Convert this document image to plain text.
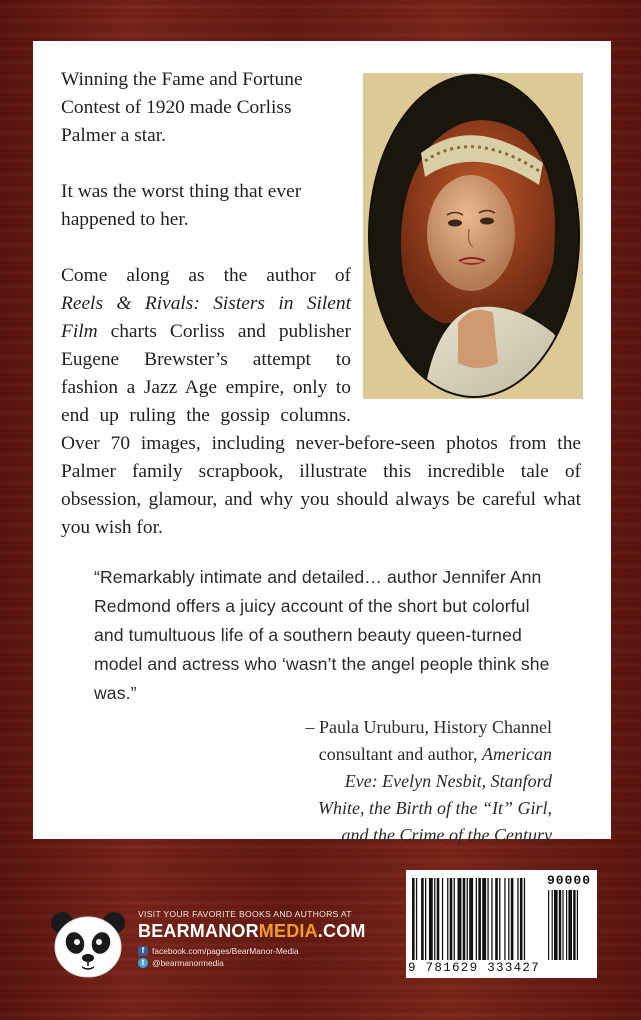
Winning the Fame and Fortune Contest of 1920 made Corliss Palmer a star.

It was the worst thing that ever happened to her.

Come along as the author of
Reels & Rivals: Sisters in Silent
Film charts Corliss and publisher
Eugene Brewster’s attempt to
fashion a Jazz Age empire, only to
end up ruling the gossip columns.

Over 70 images, including never-before-seen photos from the Palmer family scrapbook, illustrate this incredible tale of obsession, glamour, and why you should always be careful what you wish for.

“Remarkably intimate and detailed… author Jennifer Ann Redmond offers a juicy account of the short but colorful and tumultuous life of a southern beauty queen-turned model and actress who ‘wasn’t the angel people think she was.”
– Paula Uruburu, History Channel consultant and author, American Eve: Evelyn Nesbit, Stanford White, the Birth of the “It” Girl, and the Crime of the Century
VISIT YOUR FAVORITE BOOKS AND AUTHORS AT
BEARMANORMEDIA.COM
f facebook.com/pages/BearManor-Media
t @bearmanormedia
90000
9 781629 333427
